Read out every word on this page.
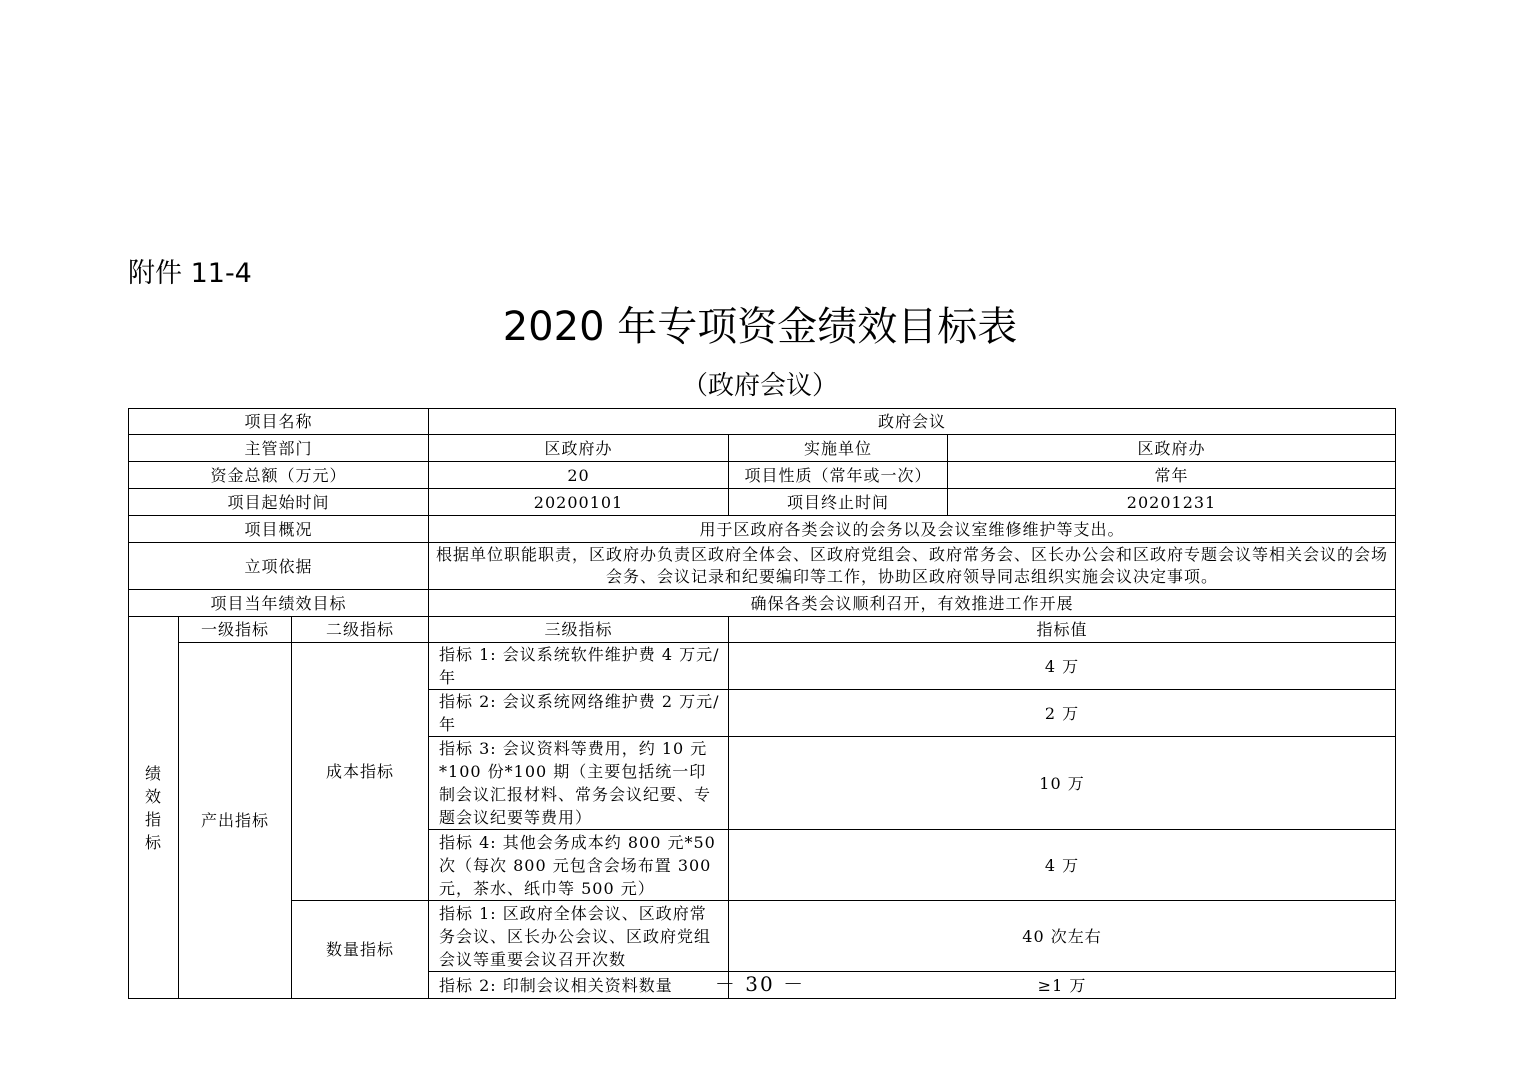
附件 11-4
2020 年专项资金绩效目标表
（政府会议）
项目名称			政府会议	
主管部门			区政府办	实施单位 区政府办

资金总额（万元）			20	项目性质（常年或一次） 常年

项目起始时间			20200101	项目终止时间 20201231

项目概况			用于区政府各类会议的会务以及会议室维修维护等支出。	
立项依据			根据单位职能职责，区政府办负责区政府全体会、区政府党组会、政府常务会、区长办公会和区政府专题会议等相关会议的会场会务、会议记录和纪要编印等工作，协助区政府领导同志组织实施会议决定事项。	
项目当年绩效目标			确保各类会议顺利召开，有效推进工作开展	
绩效指标	一级指标	二级指标	三级指标	指标值
	产出指标	成本指标	指标 1: 会议系统软件维护费 4 万元/年	4 万
			指标 2: 会议系统网络维护费 2 万元/年	2 万
			指标 3: 会议资料等费用，约 10 元*100 份*100 期（主要包括统一印制会议汇报材料、常务会议纪要、专题会议纪要等费用）	10 万
			指标 4: 其他会务成本约 800 元*50 次（每次 800 元包含会场布置 300 元，茶水、纸巾等 500 元）	4 万
		数量指标	指标 1: 区政府全体会议、区政府常务会议、区长办公会议、区政府党组会议等重要会议召开次数	40 次左右
			指标 2: 印制会议相关资料数量	≥1 万
－ 30 －
